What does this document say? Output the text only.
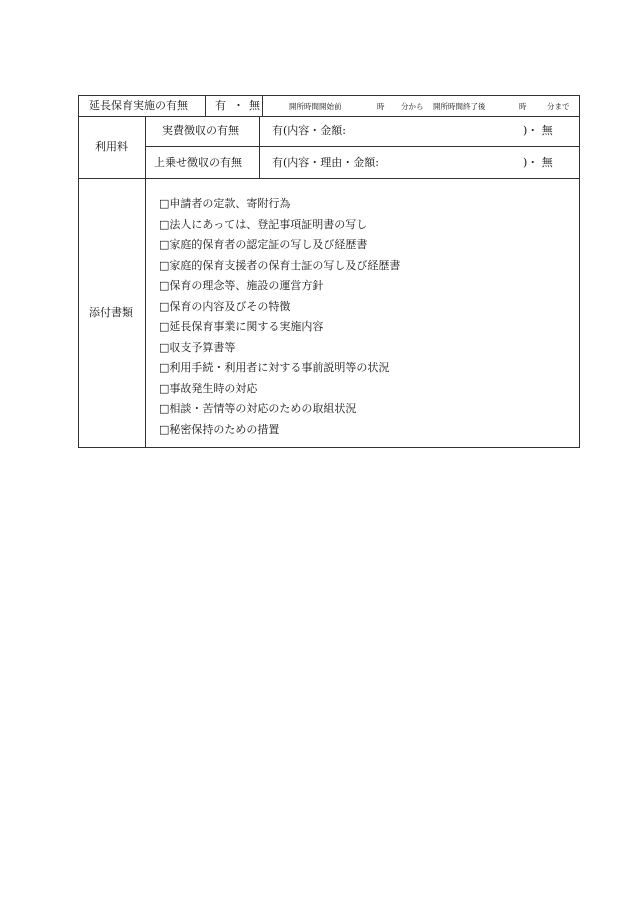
延長保育実施の有無 有 ・ 無	開所時間開始前	時 分から 開所時間終了後	時	分まで
利用料
実費徴収の有無	有(内容・金額:	)・ 無
上乗せ徴収の有無	有(内容・理由・金額:	)・ 無
添付書類
□申請者の定款、寄附行為
□法人にあっては、登記事項証明書の写し
□家庭的保育者の認定証の写し及び経歴書
□家庭的保育支援者の保育士証の写し及び経歴書
□保育の理念等、施設の運営方針
□保育の内容及びその特徴
□延長保育事業に関する実施内容
□収支予算書等
□利用手続・利用者に対する事前説明等の状況
□事故発生時の対応
□相談・苦情等の対応のための取組状況
□秘密保持のための措置
